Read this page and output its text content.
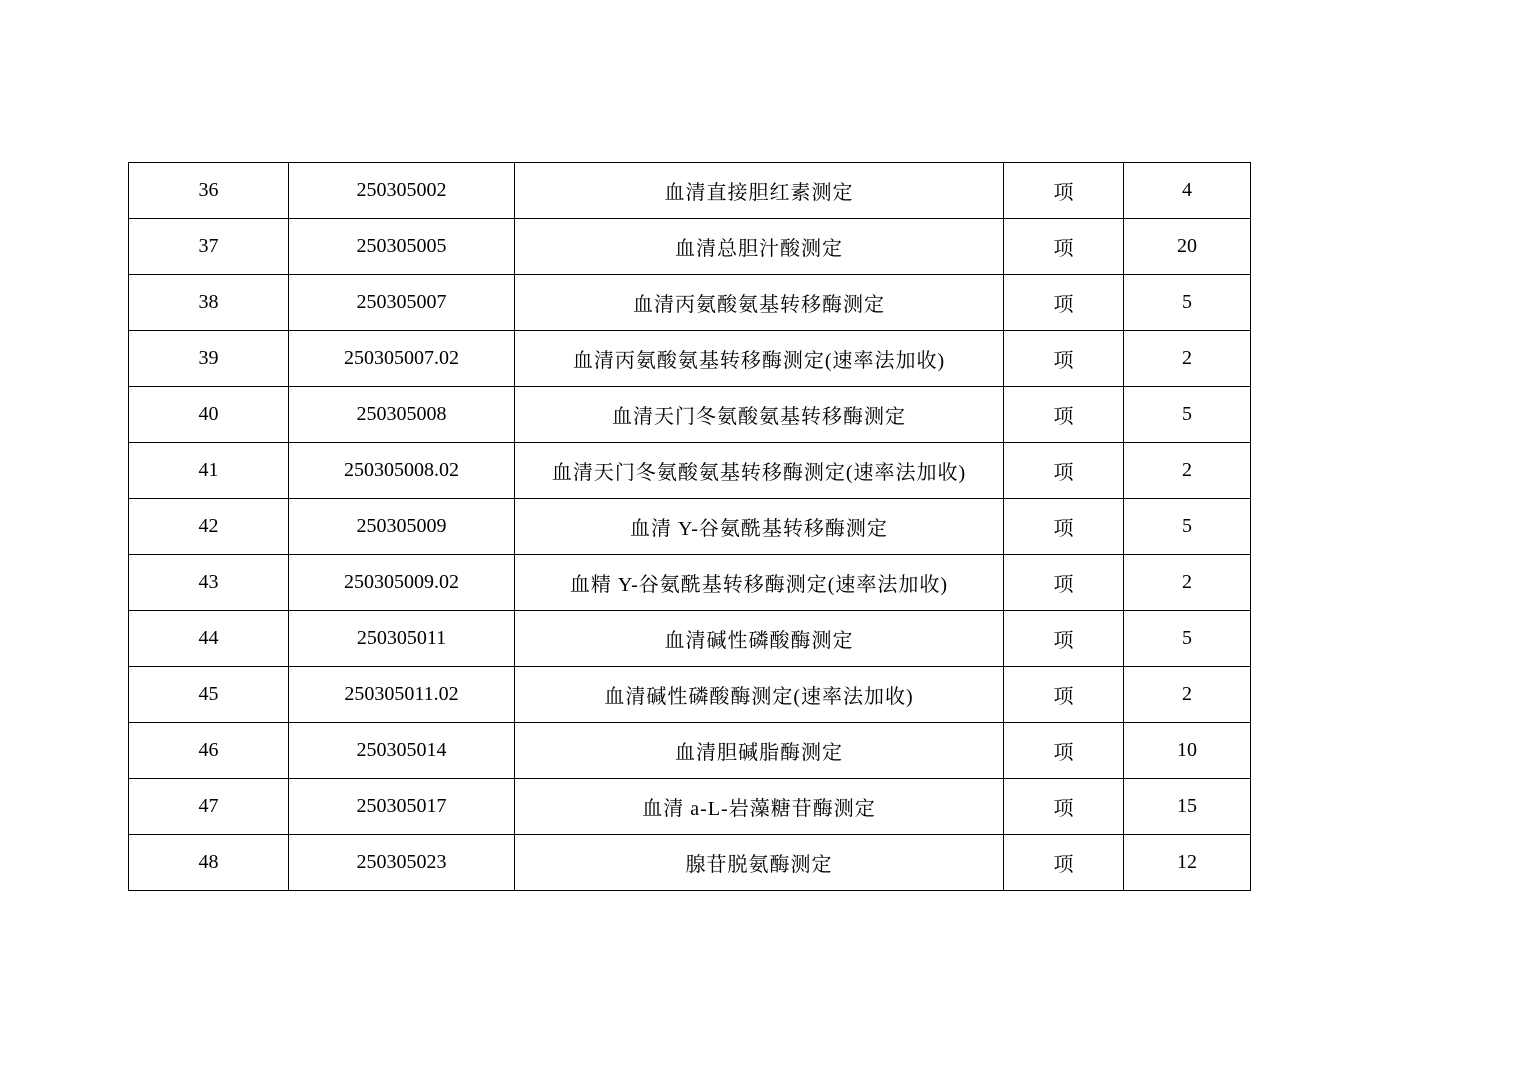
36	250305002	血清直接胆红素测定	项	4
37	250305005	血清总胆汁酸测定	项	20
38	250305007	血清丙氨酸氨基转移酶测定	项	5
39	250305007.02	血清丙氨酸氨基转移酶测定(速率法加收)	项	2
40	250305008	血清天门冬氨酸氨基转移酶测定	项	5
41	250305008.02	血清天门冬氨酸氨基转移酶测定(速率法加收)	项	2
42	250305009	血清 Y-谷氨酰基转移酶测定	项	5
43	250305009.02	血精 Y-谷氨酰基转移酶测定(速率法加收)	项	2
44	250305011	血清碱性磷酸酶测定	项	5
45	250305011.02	血清碱性磷酸酶测定(速率法加收)	项	2
46	250305014	血清胆碱脂酶测定	项	10
47	250305017	血清 a-L-岩藻糖苷酶测定	项	15
48	250305023	腺苷脱氨酶测定	项	12
